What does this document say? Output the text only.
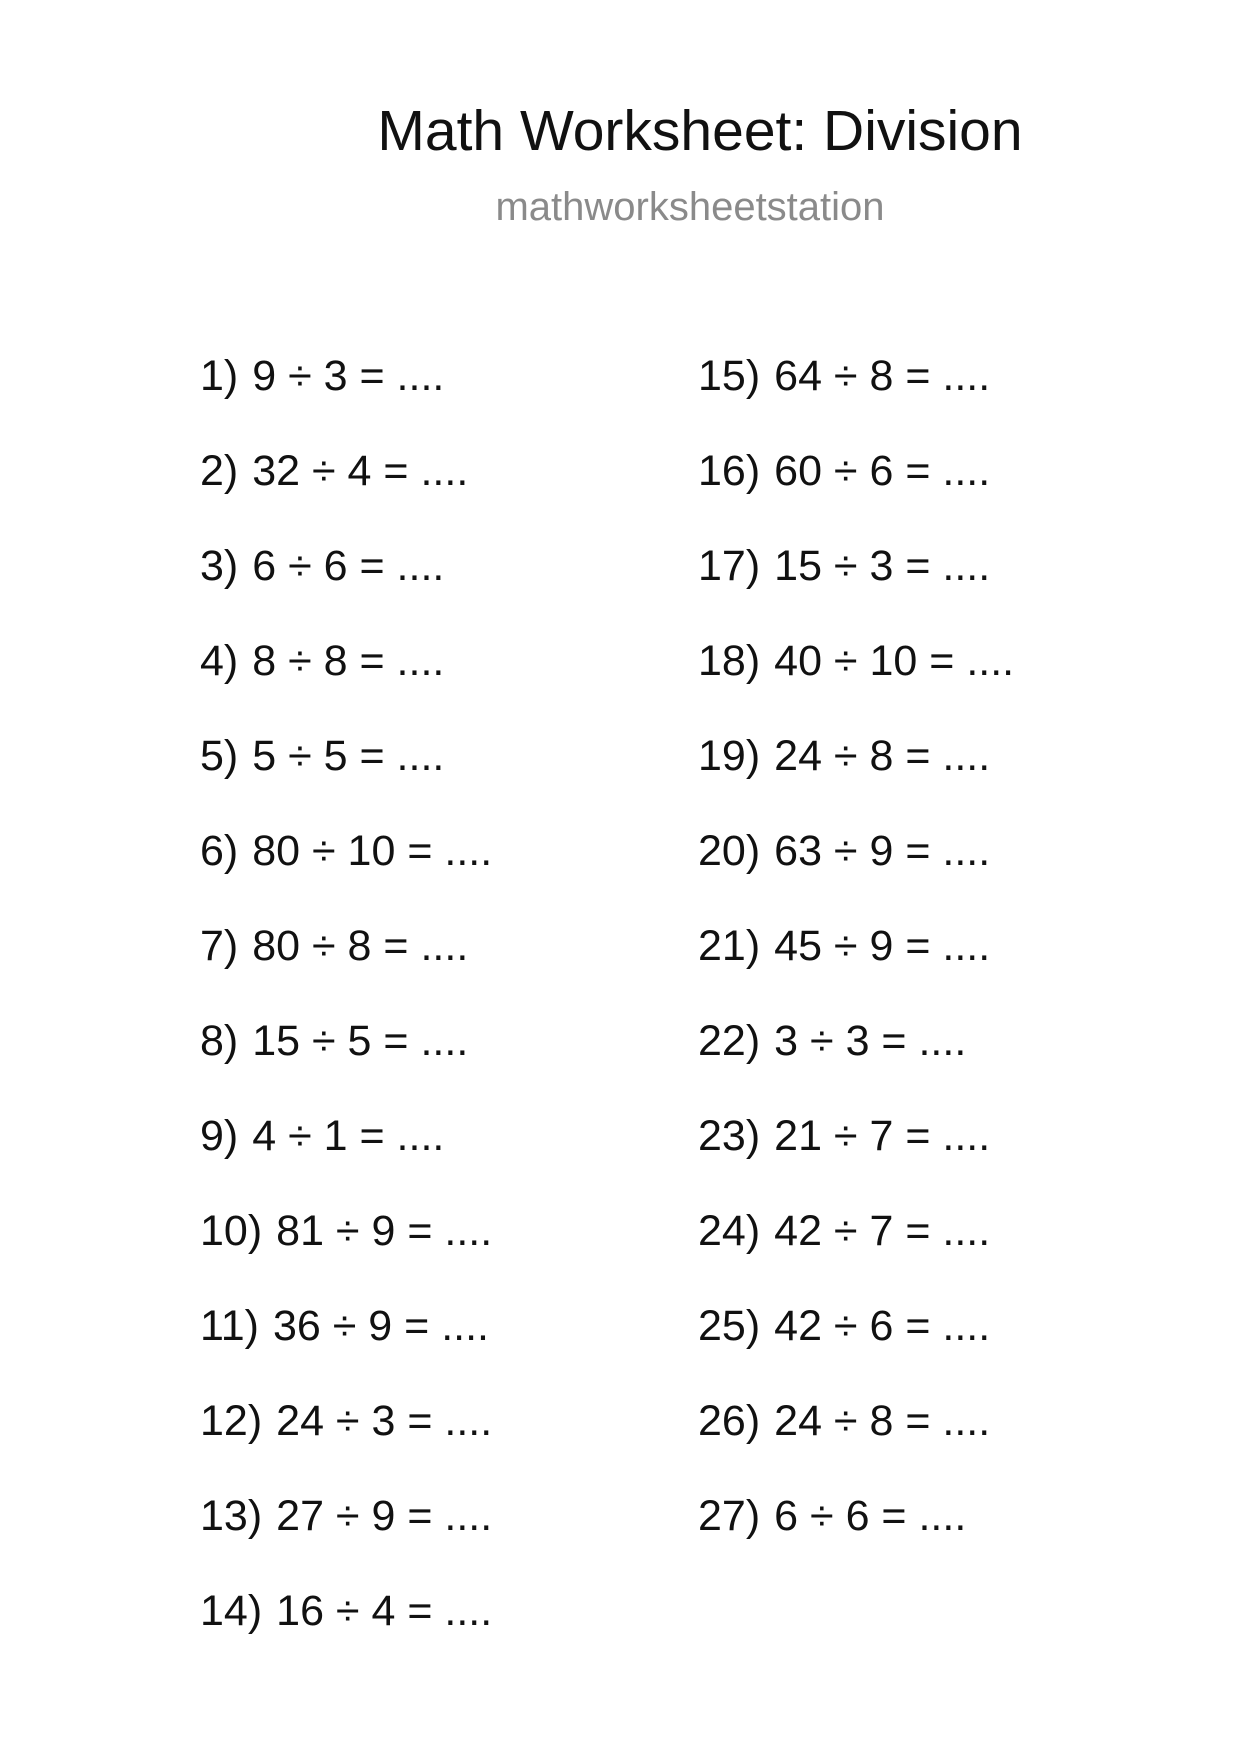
Math Worksheet: Division
mathworksheetstation
1) 9 ÷ 3 = ....
2) 32 ÷ 4 = ....
3) 6 ÷ 6 = ....
4) 8 ÷ 8 = ....
5) 5 ÷ 5 = ....
6) 80 ÷ 10 = ....
7) 80 ÷ 8 = ....
8) 15 ÷ 5 = ....
9) 4 ÷ 1 = ....
10) 81 ÷ 9 = ....
11) 36 ÷ 9 = ....
12) 24 ÷ 3 = ....
13) 27 ÷ 9 = ....
14) 16 ÷ 4 = ....
15) 64 ÷ 8 = ....
16) 60 ÷ 6 = ....
17) 15 ÷ 3 = ....
18) 40 ÷ 10 = ....
19) 24 ÷ 8 = ....
20) 63 ÷ 9 = ....
21) 45 ÷ 9 = ....
22) 3 ÷ 3 = ....
23) 21 ÷ 7 = ....
24) 42 ÷ 7 = ....
25) 42 ÷ 6 = ....
26) 24 ÷ 8 = ....
27) 6 ÷ 6 = ....
